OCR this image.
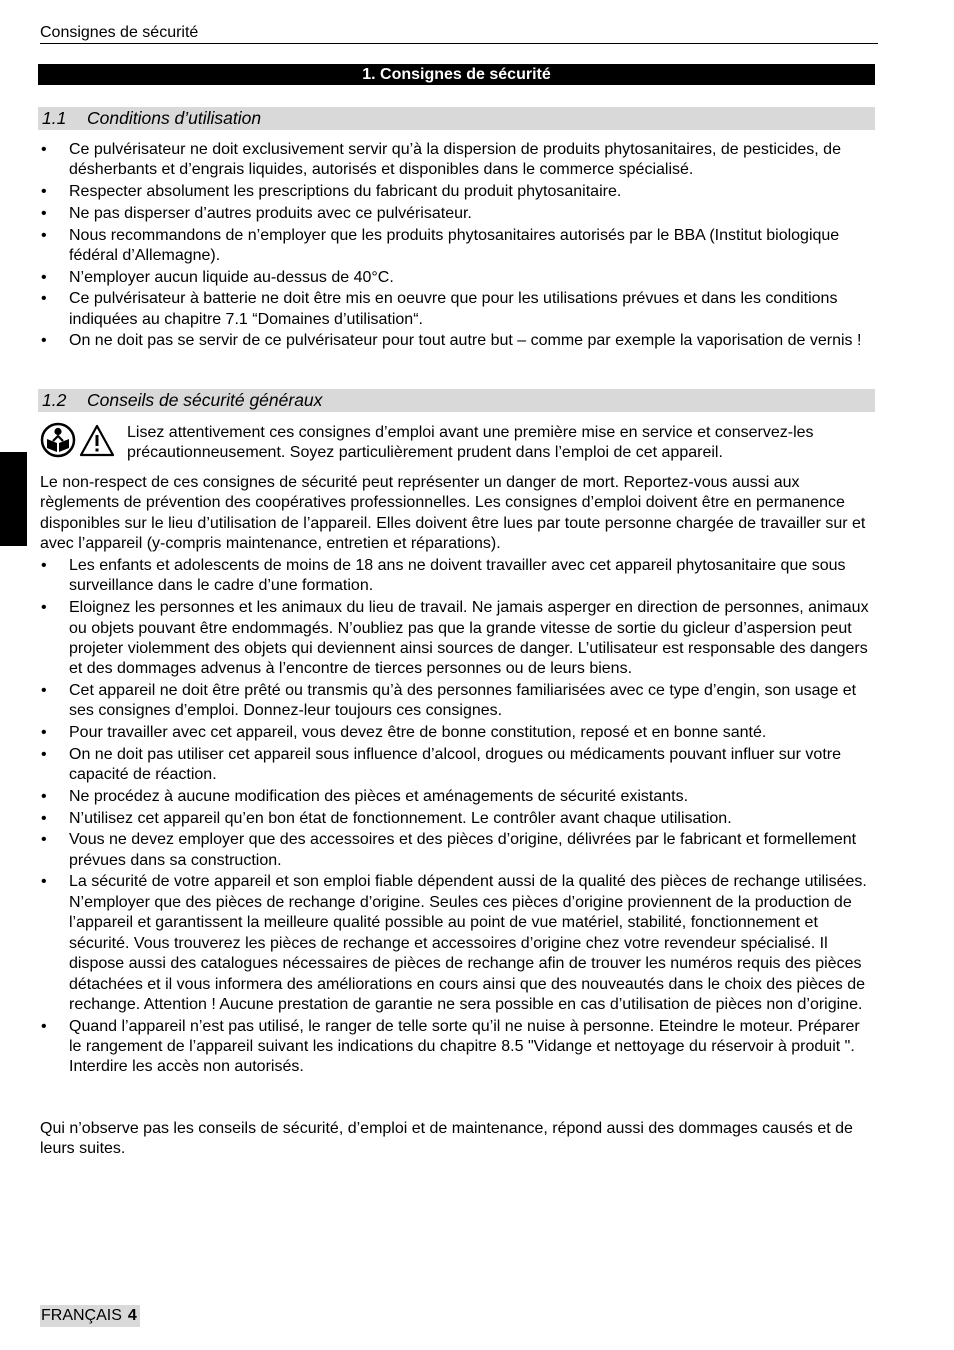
Consignes de sécurité
1. Consignes de sécurité
1.1 Conditions d’utilisation
• Ce pulvérisateur ne doit exclusivement servir qu’à la dispersion de produits phytosanitaires, de pesticides, de désherbants et d’engrais liquides, autorisés et disponibles dans le commerce spécialisé.
• Respecter absolument les prescriptions du fabricant du produit phytosanitaire.
• Ne pas disperser d’autres produits avec ce pulvérisateur.
• Nous recommandons de n’employer que les produits phytosanitaires autorisés par le BBA (Institut biologique fédéral d’Allemagne).
• N’employer aucun liquide au-dessus de 40°C.
• Ce pulvérisateur à batterie ne doit être mis en oeuvre que pour les utilisations prévues et dans les conditions indiquées au chapitre 7.1 “Domaines d’utilisation“.
• On ne doit pas se servir de ce pulvérisateur pour tout autre but – comme par exemple la vaporisation de vernis !
1.2 Conseils de sécurité généraux
Lisez attentivement ces consignes d’emploi avant une première mise en service et conservez-les précautionneusement. Soyez particulièrement prudent dans l’emploi de cet appareil.
Le non-respect de ces consignes de sécurité peut représenter un danger de mort. Reportez-vous aussi aux règlements de prévention des coopératives professionnelles. Les consignes d’emploi doivent être en permanence disponibles sur le lieu d’utilisation de l’appareil. Elles doivent être lues par toute personne chargée de travailler sur et avec l’appareil (y-compris maintenance, entretien et réparations).
• Les enfants et adolescents de moins de 18 ans ne doivent travailler avec cet appareil phytosanitaire que sous surveillance dans le cadre d’une formation.
• Eloignez les personnes et les animaux du lieu de travail. Ne jamais asperger en direction de personnes, animaux ou objets pouvant être endommagés. N’oubliez pas que la grande vitesse de sortie du gicleur d’aspersion peut projeter violemment des objets qui deviennent ainsi sources de danger. L’utilisateur est responsable des dangers et des dommages advenus à l’encontre de tierces personnes ou de leurs biens.
• Cet appareil ne doit être prêté ou transmis qu’à des personnes familiarisées avec ce type d’engin, son usage et ses consignes d’emploi. Donnez-leur toujours ces consignes.
• Pour travailler avec cet appareil, vous devez être de bonne constitution, reposé et en bonne santé.
• On ne doit pas utiliser cet appareil sous influence d’alcool, drogues ou médicaments pouvant influer sur votre capacité de réaction.
• Ne procédez à aucune modification des pièces et aménagements de sécurité existants.
• N’utilisez cet appareil qu’en bon état de fonctionnement. Le contrôler avant chaque utilisation.
• Vous ne devez employer que des accessoires et des pièces d’origine, délivrées par le fabricant et formellement prévues dans sa construction.
• La sécurité de votre appareil et son emploi fiable dépendent aussi de la qualité des pièces de rechange utilisées. N’employer que des pièces de rechange d’origine. Seules ces pièces d’origine proviennent de la production de l’appareil et garantissent la meilleure qualité possible au point de vue matériel, stabilité, fonctionnement et sécurité. Vous trouverez les pièces de rechange et accessoires d’origine chez votre revendeur spécialisé. Il dispose aussi des catalogues nécessaires de pièces de rechange afin de trouver les numéros requis des pièces détachées et il vous informera des améliorations en cours ainsi que des nouveautés dans le choix des pièces de rechange. Attention ! Aucune prestation de garantie ne sera possible en cas d’utilisation de pièces non d’origine.
• Quand l’appareil n’est pas utilisé, le ranger de telle sorte qu’il ne nuise à personne. Eteindre le moteur. Préparer le rangement de l’appareil suivant les indications du chapitre 8.5 "Vidange et nettoyage du réservoir à produit ". Interdire les accès non autorisés.
Qui n’observe pas les conseils de sécurité, d’emploi et de maintenance, répond aussi des dommages causés et de leurs suites.
FRANÇAIS 4
